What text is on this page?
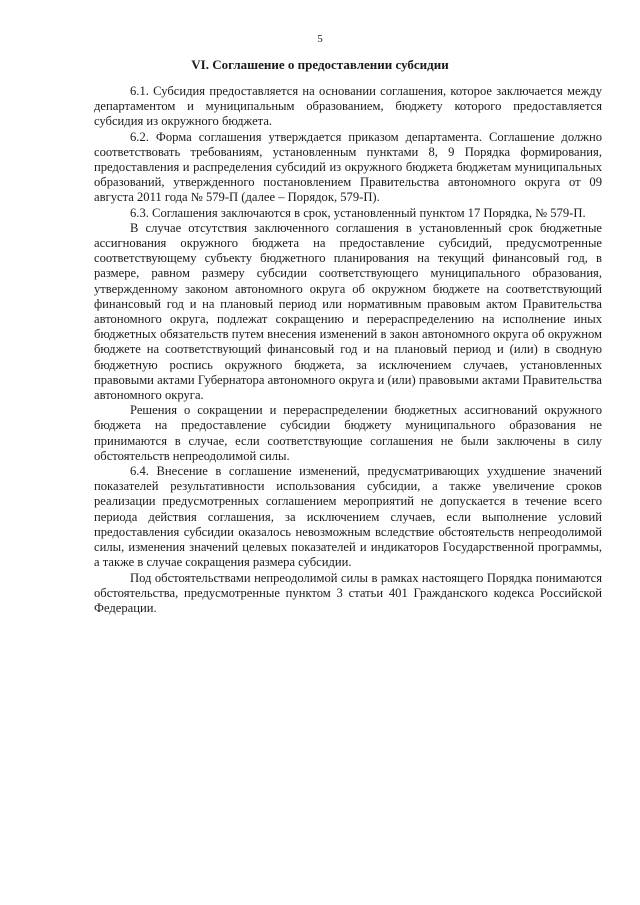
5
VI. Соглашение о предоставлении субсидии

6.1. Субсидия предоставляется на основании соглашения, которое заключается между департаментом и муниципальным образованием, бюджету которого предоставляется субсидия из окружного бюджета.

6.2. Форма соглашения утверждается приказом департамента. Соглашение должно соответствовать требованиям, установленным пунктами 8, 9 Порядка формирования, предоставления и распределения субсидий из окружного бюджета бюджетам муниципальных образований, утвержденного постановлением Правительства автономного округа от 09 августа 2011 года № 579-П (далее – Порядок, 579-П).

6.3. Соглашения заключаются в срок, установленный пунктом 17 Порядка, № 579-П.

В случае отсутствия заключенного соглашения в установленный срок бюджетные ассигнования окружного бюджета на предоставление субсидий, предусмотренные соответствующему субъекту бюджетного планирования на текущий финансовый год, в размере, равном размеру субсидии соответствующего муниципального образования, утвержденному законом автономного округа об окружном бюджете на соответствующий финансовый год и на плановый период или нормативным правовым актом Правительства автономного округа, подлежат сокращению и перераспределению на исполнение иных бюджетных обязательств путем внесения изменений в закон автономного округа об окружном бюджете на соответствующий финансовый год и на плановый период и (или) в сводную бюджетную роспись окружного бюджета, за исключением случаев, установленных правовыми актами Губернатора автономного округа и (или) правовыми актами Правительства автономного округа.

Решения о сокращении и перераспределении бюджетных ассигнований окружного бюджета на предоставление субсидии бюджету муниципального образования не принимаются в случае, если соответствующие соглашения не были заключены в силу обстоятельств непреодолимой силы.

6.4. Внесение в соглашение изменений, предусматривающих ухудшение значений показателей результативности использования субсидии, а также увеличение сроков реализации предусмотренных соглашением мероприятий не допускается в течение всего периода действия соглашения, за исключением случаев, если выполнение условий предоставления субсидии оказалось невозможным вследствие обстоятельств непреодолимой силы, изменения значений целевых показателей и индикаторов Государственной программы, а также в случае сокращения размера субсидии.

Под обстоятельствами непреодолимой силы в рамках настоящего Порядка понимаются обстоятельства, предусмотренные пунктом 3 статьи 401 Гражданского кодекса Российской Федерации.
